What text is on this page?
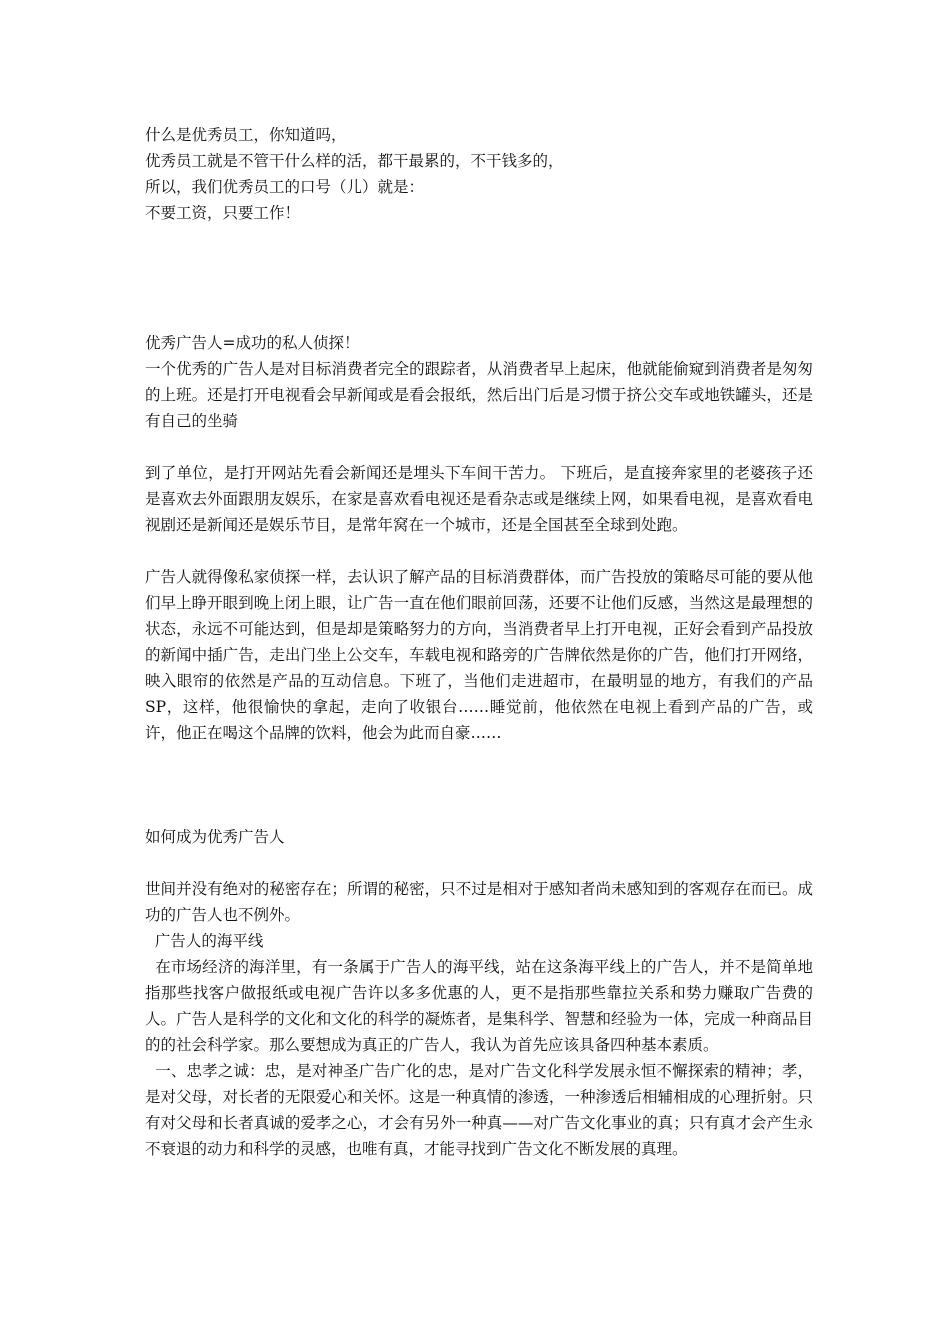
什么是优秀员工，你知道吗，
优秀员工就是不管干什么样的活，都干最累的，不干钱多的，
所以，我们优秀员工的口号（儿）就是：
不要工资，只要工作！
优秀广告人=成功的私人侦探！

一个优秀的广告人是对目标消费者完全的跟踪者，从消费者早上起床，他就能偷窥到消费者是匆匆的上班。还是打开电视看会早新闻或是看会报纸，然后出门后是习惯于挤公交车或地铁罐头，还是有自己的坐骑

到了单位，是打开网站先看会新闻还是埋头下车间干苦力。 下班后，是直接奔家里的老婆孩子还是喜欢去外面跟朋友娱乐，在家是喜欢看电视还是看杂志或是继续上网，如果看电视，是喜欢看电视剧还是新闻还是娱乐节目，是常年窝在一个城市，还是全国甚至全球到处跑。

广告人就得像私家侦探一样，去认识了解产品的目标消费群体，而广告投放的策略尽可能的要从他们早上睁开眼到晚上闭上眼，让广告一直在他们眼前回荡，还要不让他们反感，当然这是最理想的状态，永远不可能达到，但是却是策略努力的方向，当消费者早上打开电视，正好会看到产品投放的新闻中插广告，走出门坐上公交车，车载电视和路旁的广告牌依然是你的广告，他们打开网络，映入眼帘的依然是产品的互动信息。下班了，当他们走进超市，在最明显的地方，有我们的产品SP，这样，他很愉快的拿起，走向了收银台……睡觉前，他依然在电视上看到产品的广告，或许，他正在喝这个品牌的饮料，他会为此而自豪……

如何成为优秀广告人

世间并没有绝对的秘密存在；所谓的秘密，只不过是相对于感知者尚未感知到的客观存在而已。成功的广告人也不例外。

广告人的海平线

在市场经济的海洋里，有一条属于广告人的海平线，站在这条海平线上的广告人，并不是简单地指那些找客户做报纸或电视广告许以多多优惠的人，更不是指那些靠拉关系和势力赚取广告费的人。广告人是科学的文化和文化的科学的凝炼者，是集科学、智慧和经验为一体，完成一种商品目的的社会科学家。那么要想成为真正的广告人，我认为首先应该具备四种基本素质。

一、忠孝之诚：忠，是对神圣广告广化的忠，是对广告文化科学发展永恒不懈探索的精神；孝，是对父母，对长者的无限爱心和关怀。这是一种真情的渗透，一种渗透后相辅相成的心理折射。只有对父母和长者真诚的爱孝之心，才会有另外一种真——对广告文化事业的真；只有真才会产生永不衰退的动力和科学的灵感，也唯有真，才能寻找到广告文化不断发展的真理。
